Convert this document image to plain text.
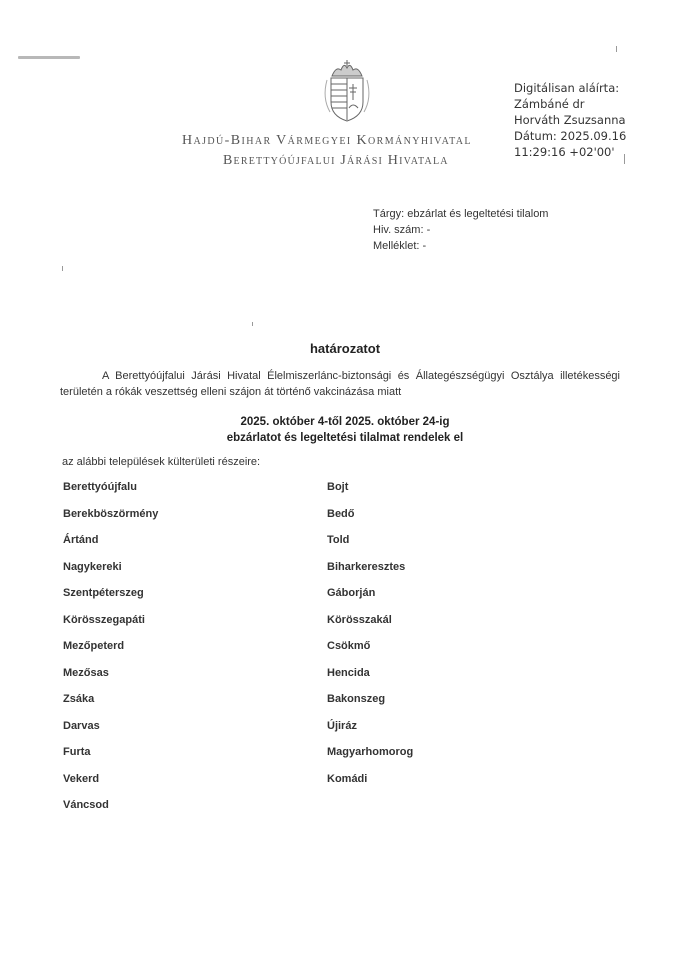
Hajdú-Bihar Vármegyei Kormányhivatal
Berettyóújfalui Járási Hivatala
Digitálisan aláírta:
Zámbáné dr
Horváth Zsuzsanna
Dátum: 2025.09.16
11:29:16 +02'00'
Tárgy: ebzárlat és legeltetési tilalom
Hiv. szám: -
Melléklet: -
határozatot
A Berettyóújfalui Járási Hivatal Élelmiszerlánc-biztonsági és Állategészségügyi Osztálya illetékességi területén a rókák veszettség elleni szájon át történő vakcinázása miatt
2025. október 4-től 2025. október 24-ig
ebzárlatot és legeltetési tilalmat rendelek el
az alábbi települések külterületi részeire:
Berettyóújfalu
Berekböszörmény
Ártánd
Nagykereki
Szentpéterszeg
Körösszegapáti
Mezőpeterd
Mezősas
Zsáka
Darvas
Furta
Vekerd
Váncsod
Bojt
Bedő
Told
Biharkeresztes
Gáborján
Körösszakál
Csökmő
Hencida
Bakonszeg
Újiráz
Magyarhomorog
Komádi
